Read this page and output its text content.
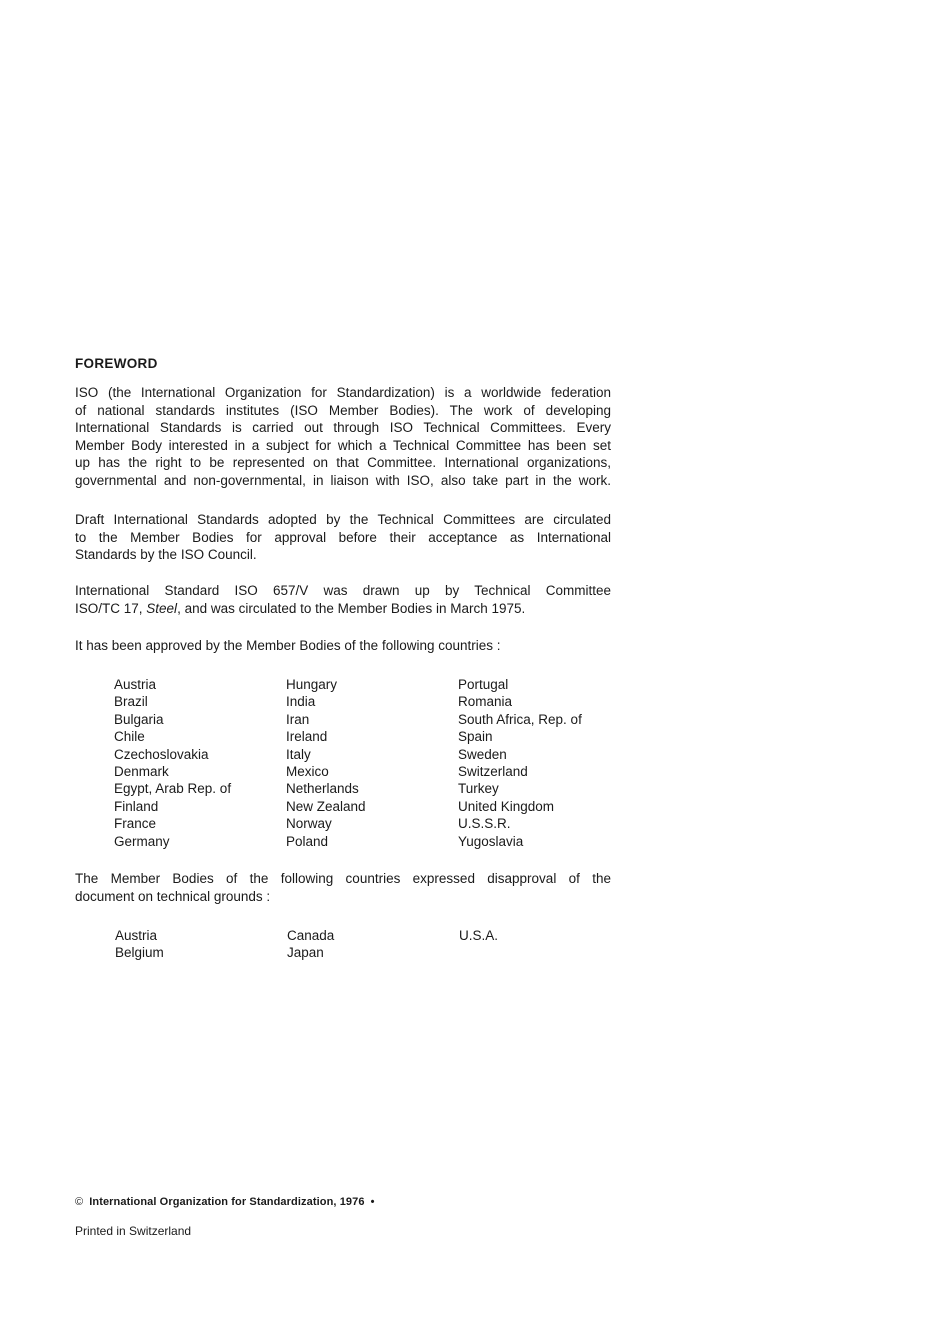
FOREWORD
ISO (the International Organization for Standardization) is a worldwide federation
of national standards institutes (ISO Member Bodies). The work of developing
International Standards is carried out through ISO Technical Committees. Every
Member Body interested in a subject for which a Technical Committee has been set
up has the right to be represented on that Committee. International organizations,
governmental and non-governmental, in liaison with ISO, also take part in the work.
Draft International Standards adopted by the Technical Committees are circulated
to the Member Bodies for approval before their acceptance as International
Standards by the ISO Council.
International Standard ISO 657/V was drawn up by Technical Committee
ISO/TC 17, Steel, and was circulated to the Member Bodies in March 1975.
It has been approved by the Member Bodies of the following countries :
Austria
Brazil
Bulgaria
Chile
Czechoslovakia
Denmark
Egypt, Arab Rep. of
Finland
France
Germany
Hungary
India
Iran
Ireland
Italy
Mexico
Netherlands
New Zealand
Norway
Poland
Portugal
Romania
South Africa, Rep. of
Spain
Sweden
Switzerland
Turkey
United Kingdom
U.S.S.R.
Yugoslavia
The Member Bodies of the following countries expressed disapproval of the
document on technical grounds :
Austria
Belgium
Canada
Japan
U.S.A.
© International Organization for Standardization, 1976 •
Printed in Switzerland
